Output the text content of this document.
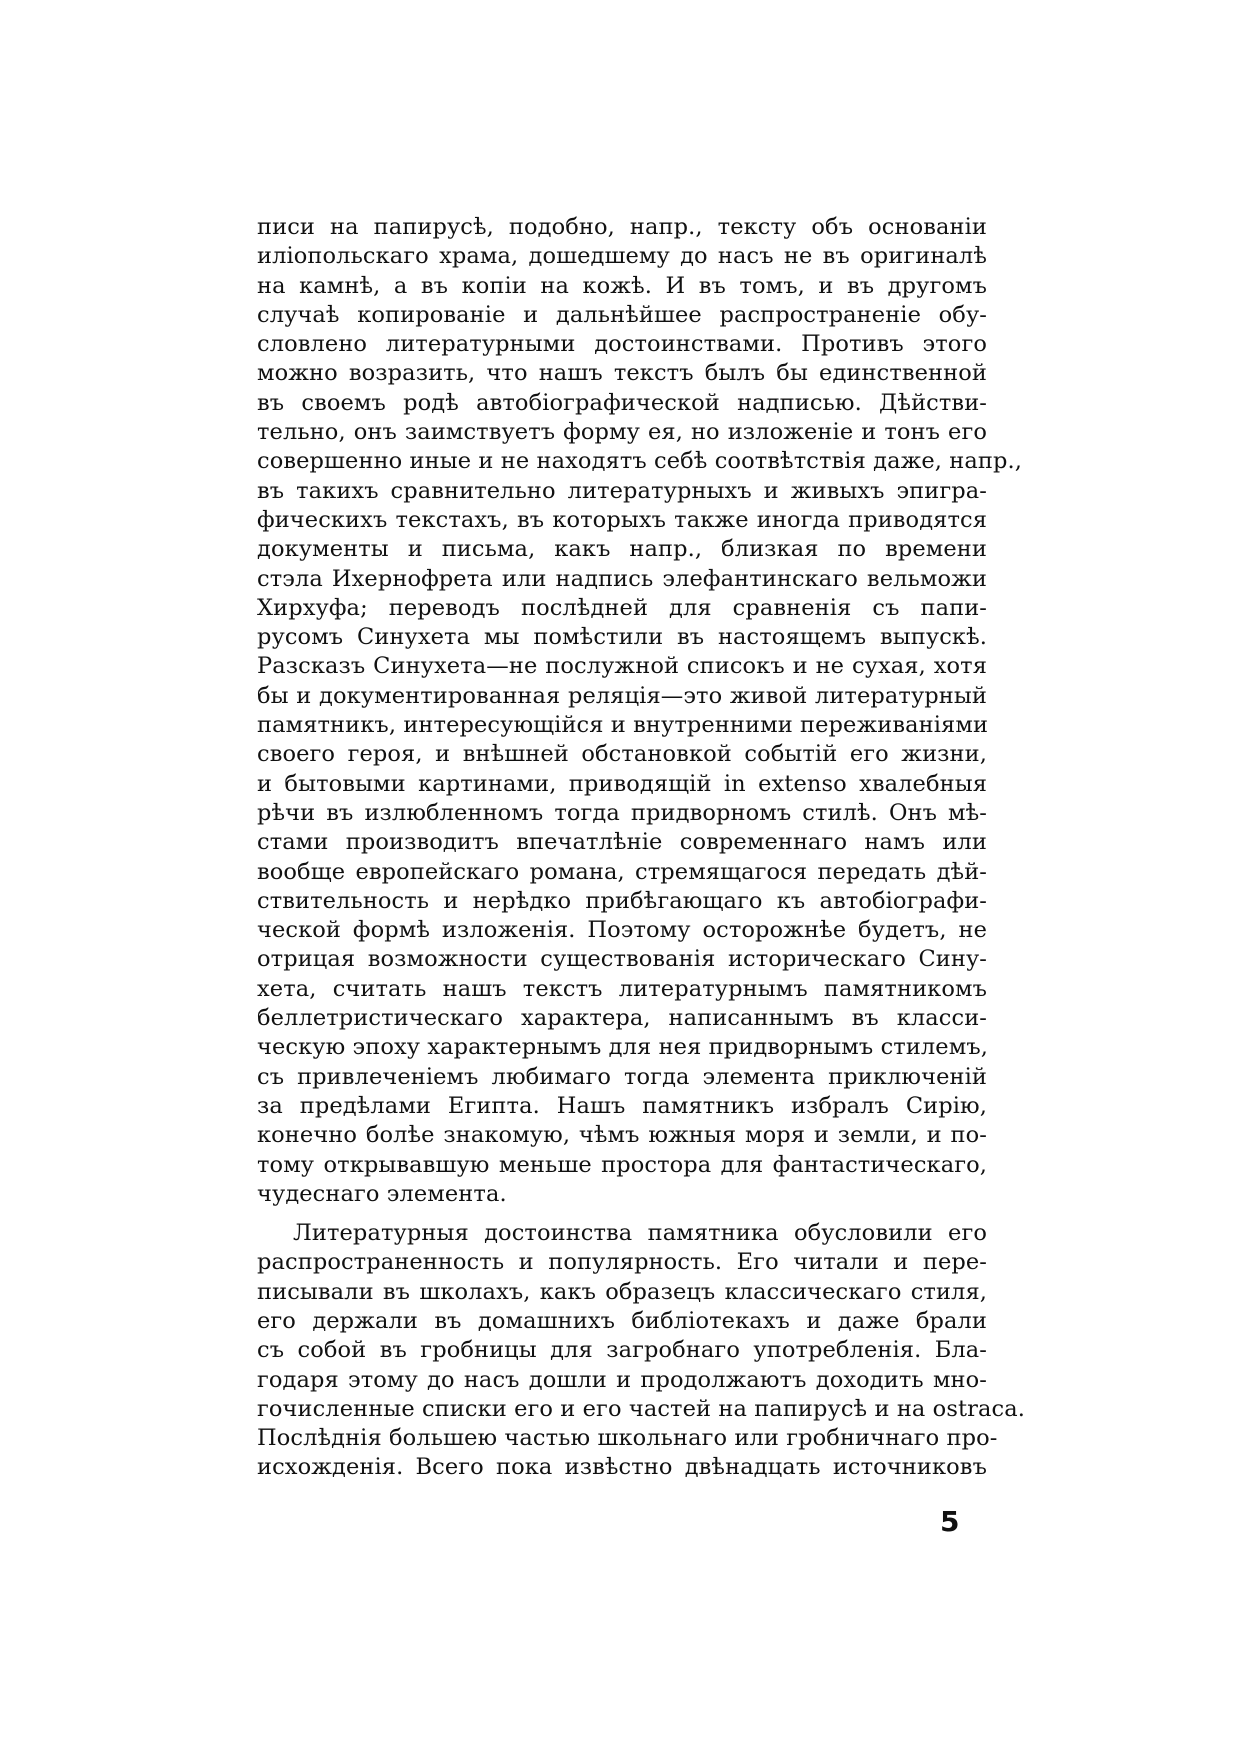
писи на папирусѣ, подобно, напр., тексту объ основанiи
илiопольскаго храма, дошедшему до насъ не въ оригиналѣ
на камнѣ, а въ копiи на кожѣ. И въ томъ, и въ другомъ
случаѣ копированiе и дальнѣйшее распространенiе обу-
словлено литературными достоинствами. Противъ этого
можно возразить, что нашъ текстъ былъ бы единственной
въ своемъ родѣ автобiографической надписью. Дѣйстви-
тельно, онъ заимствуетъ форму ея, но изложенiе и тонъ его
совершенно иные и не находятъ себѣ соотвѣтствiя даже, напр.,
въ такихъ сравнительно литературныхъ и живыхъ эпигра-
фическихъ текстахъ, въ которыхъ также иногда приводятся
документы и письма, какъ напр., близкая по времени
стэла Ихернофрета или надпись элефантинскаго вельможи
Хирхуфа; переводъ послѣдней для сравненiя съ папи-
русомъ Синухета мы помѣстили въ настоящемъ выпускѣ.
Разсказъ Синухета—не послужной списокъ и не сухая, хотя
бы и документированная реляцiя—это живой литературный
памятникъ, интересующiйся и внутренними переживанiями
своего героя, и внѣшней обстановкой событiй его жизни,
и бытовыми картинами, приводящiй in extenso хвалебныя
рѣчи въ излюбленномъ тогда придворномъ стилѣ. Онъ мѣ-
стами производитъ впечатлѣнiе современнаго намъ или
вообще европейскаго романа, стремящагося передать дѣй-
ствительность и нерѣдко прибѣгающаго къ автобiографи-
ческой формѣ изложенiя. Поэтому осторожнѣе будетъ, не
отрицая возможности существованiя историческаго Сину-
хета, считать нашъ текстъ литературнымъ памятникомъ
беллетристическаго характера, написаннымъ въ класси-
ческую эпоху характернымъ для нея придворнымъ стилемъ,
съ привлеченiемъ любимаго тогда элемента приключенiй
за предѣлами Египта. Нашъ памятникъ избралъ Сирiю,
конечно болѣе знакомую, чѣмъ южныя моря и земли, и по-
тому открывавшую меньше простора для фантастическаго,
чудеснаго элемента.
Литературныя достоинства памятника обусловили его
распространенность и популярность. Его читали и пере-
писывали въ школахъ, какъ образецъ классическаго стиля,
его держали въ домашнихъ библiотекахъ и даже брали
съ собой въ гробницы для загробнаго употребленiя. Бла-
годаря этому до насъ дошли и продолжаютъ доходить мно-
гочисленные списки его и его частей на папирусѣ и на ostraca.
Послѣднiя большею частью школьнаго или гробничнаго про-
исхожденiя. Всего пока извѣстно двѣнадцать источниковъ
5
